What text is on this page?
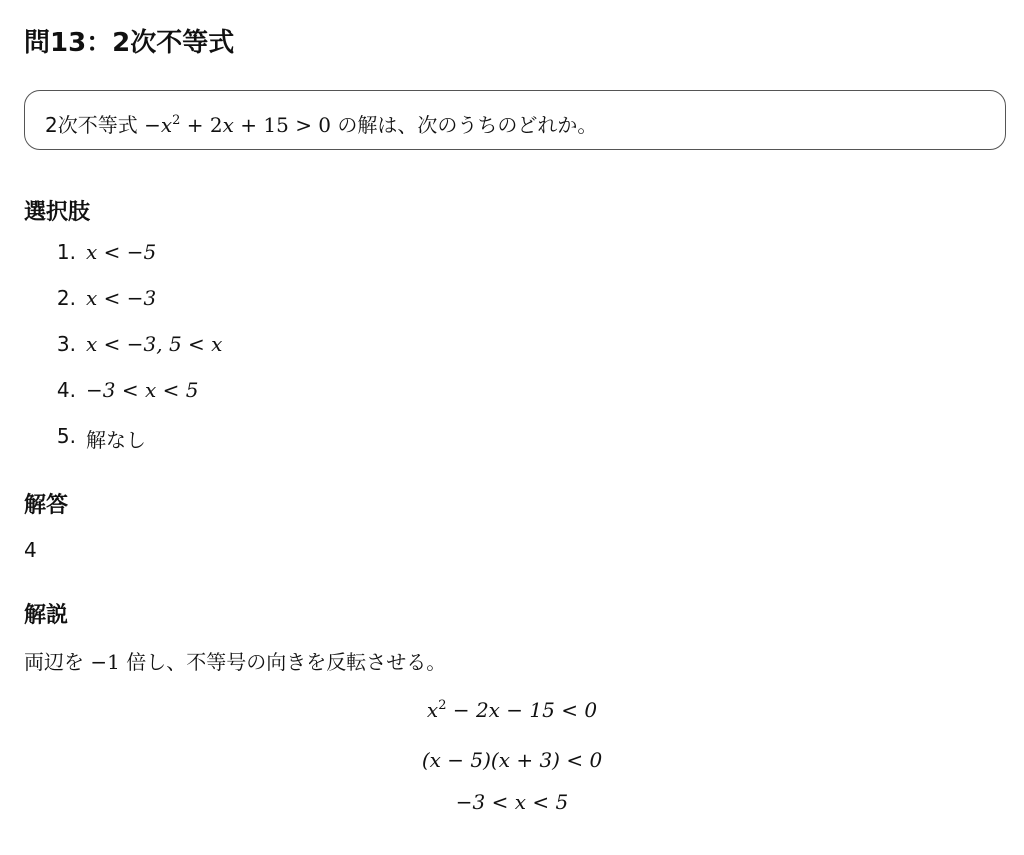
問13：2次不等式
2次不等式 $-x^2 + 2x + 15 > 0$ の解は、次のうちのどれか。
選択肢
1. x < −5
2. x < −3
3. x < −3, 5 < x
4. −3 < x < 5
5. 解なし
解答
4
解説
両辺を −1 倍し、不等号の向きを反転させる。
$x^2 - 2x - 15 < 0$
(x − 5)(x + 3) < 0
−3 < x < 5
